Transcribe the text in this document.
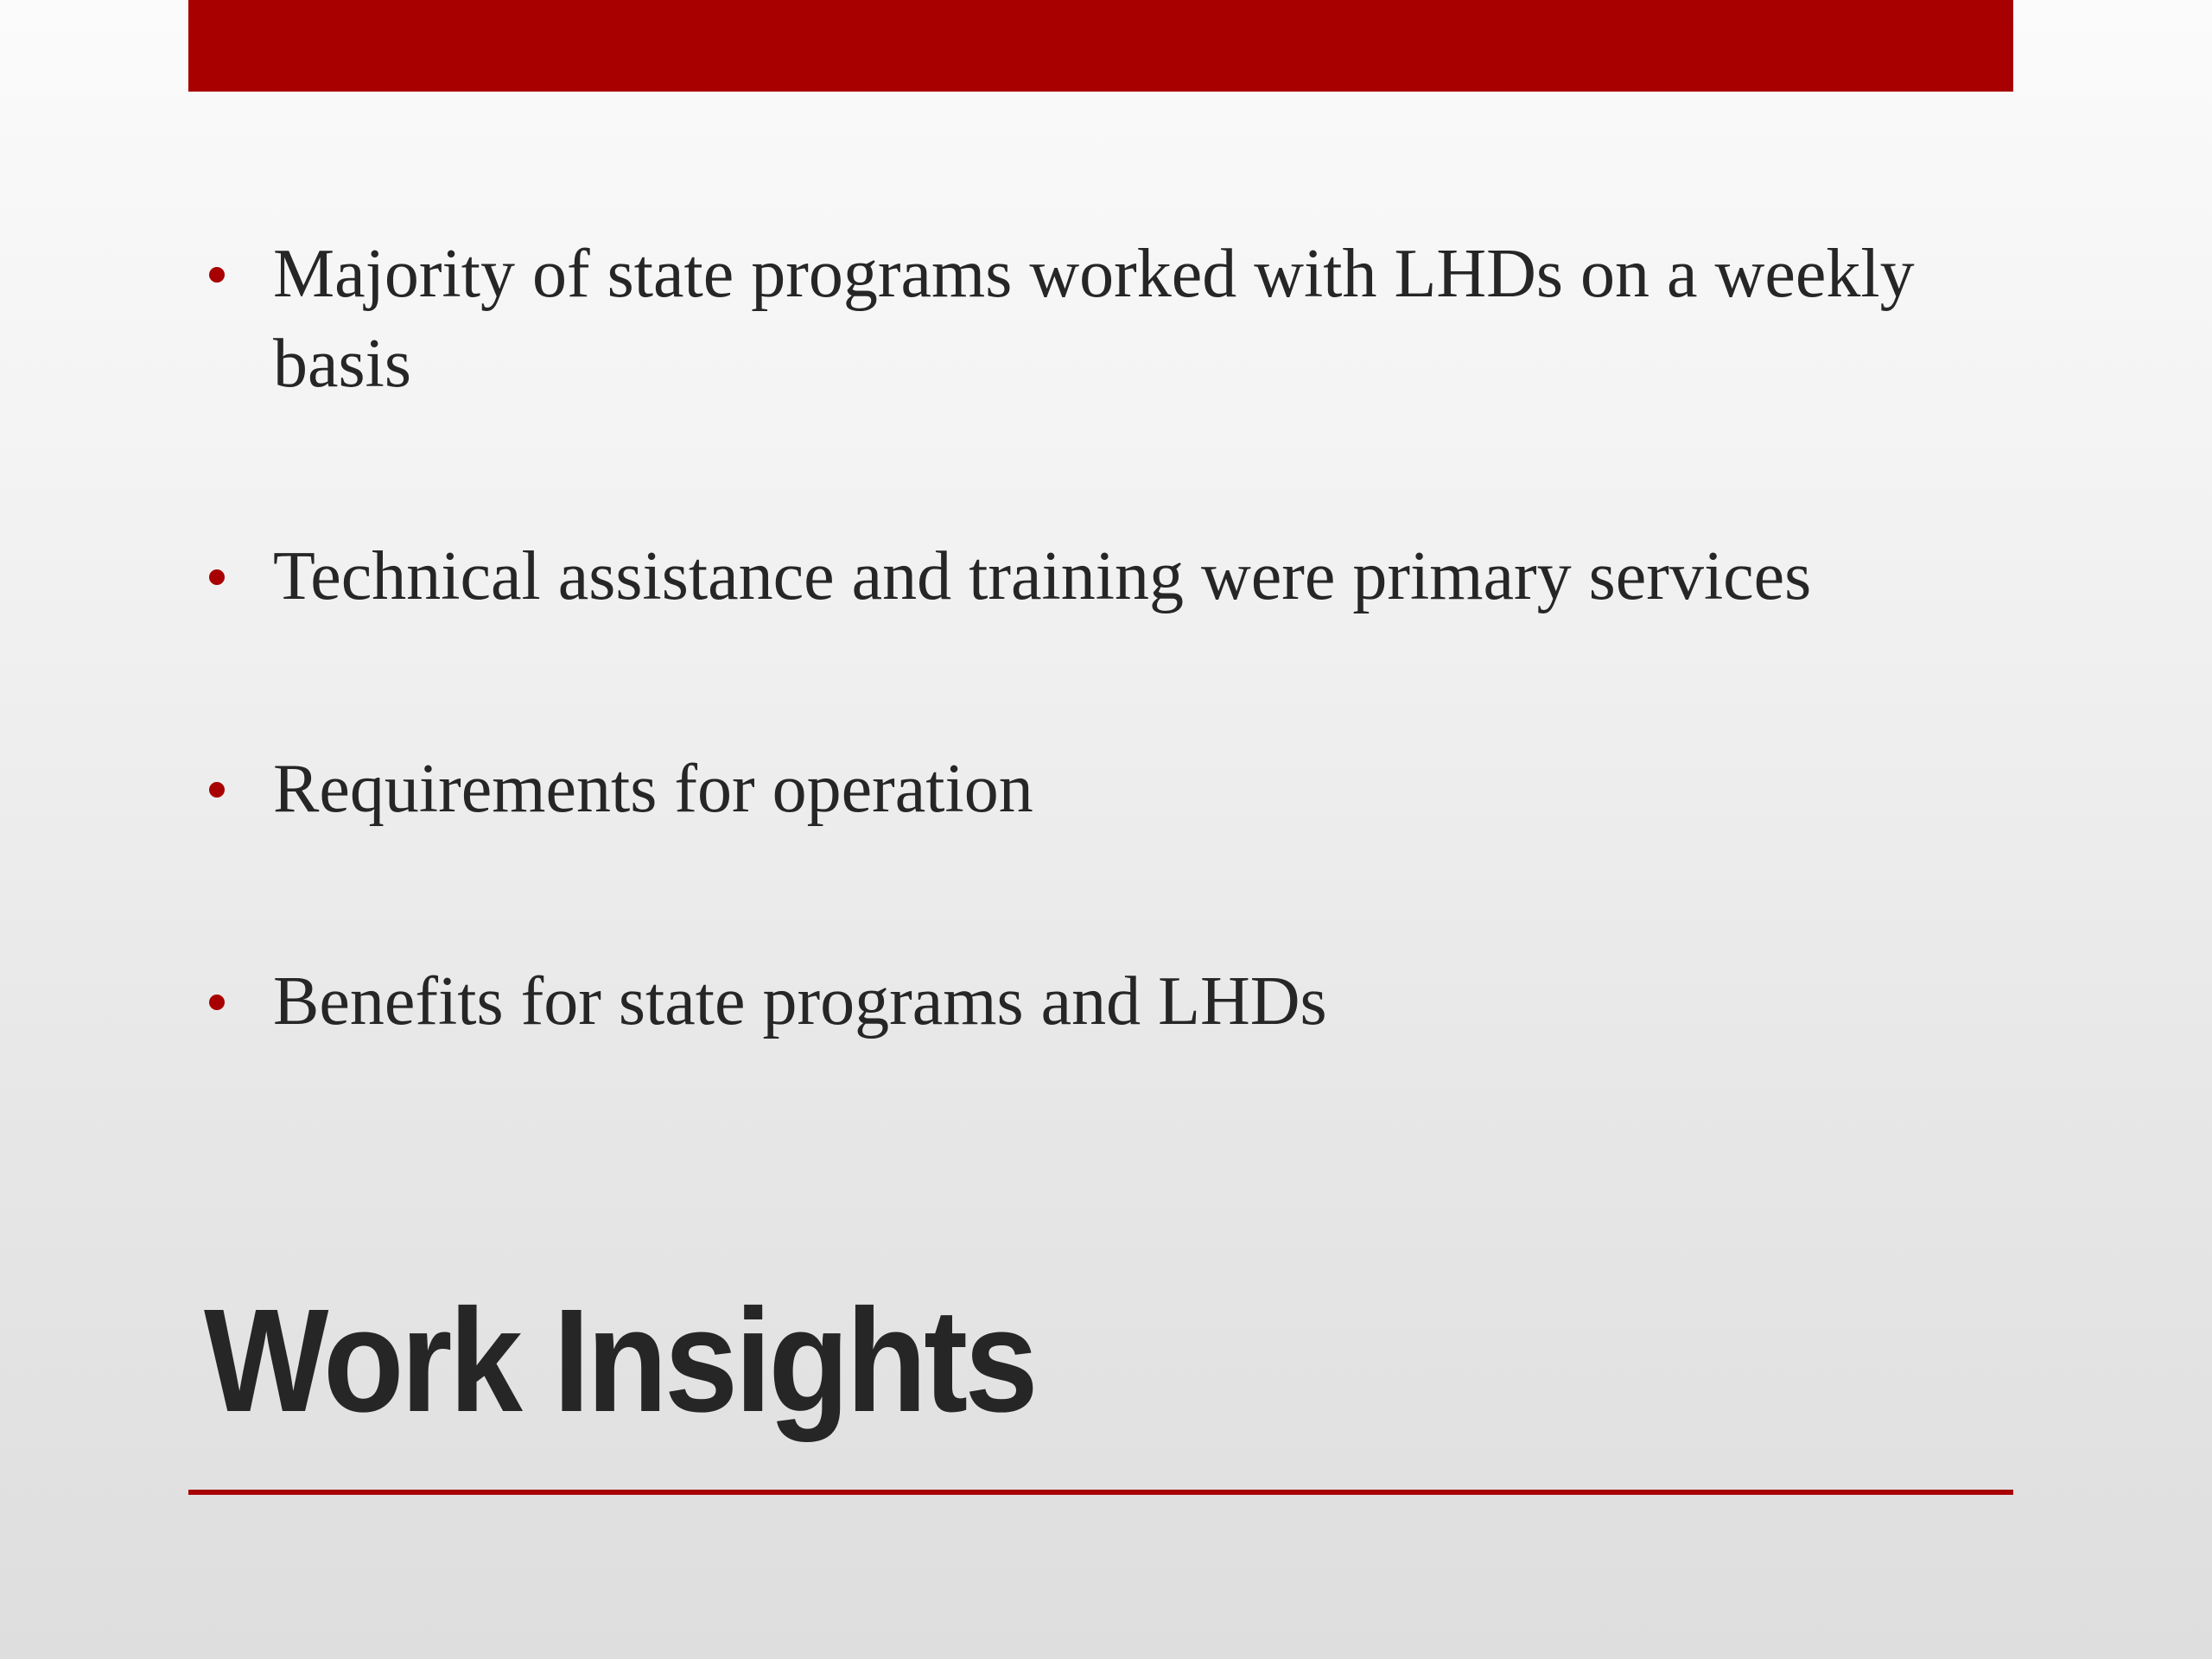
Majority of state programs worked with LHDs on a weekly basis
Technical assistance and training were primary services
Requirements for operation
Benefits for state programs and LHDs
Work Insights
